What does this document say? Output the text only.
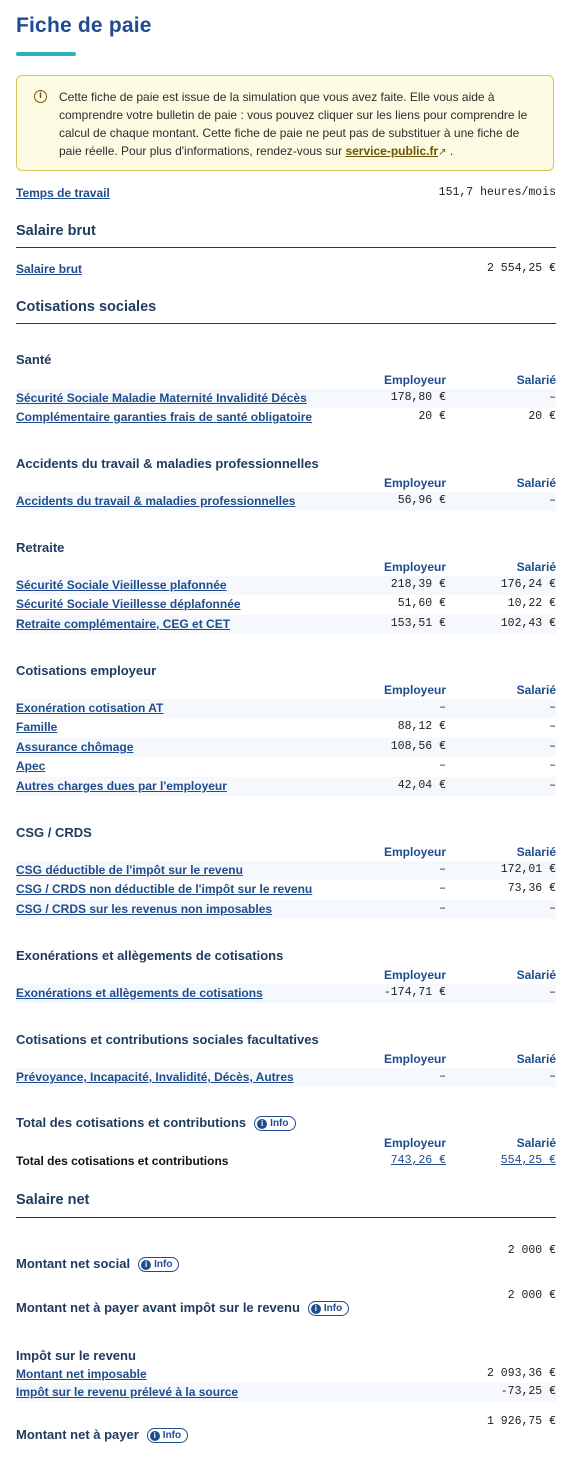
Fiche de paie
i	Cette fiche de paie est issue de la simulation que vous avez faite. Elle vous aide à comprendre votre bulletin de paie : vous pouvez cliquer sur les liens pour comprendre le calcul de chaque montant. Cette fiche de paie ne peut pas de substituer à une fiche de paie réelle. Pour plus d'informations, rendez-vous sur service-public.fr↗ .
Temps de travail	151,7 heures/mois
Salaire brut
Salaire brut	2 554,25 €
Cotisations sociales
Santé
Employeur	Salarié
Sécurité Sociale Maladie Maternité Invalidité Décès	178,80 €	–
Complémentaire garanties frais de santé obligatoire	20 €	20 €
Accidents du travail & maladies professionnelles
Employeur	Salarié
Accidents du travail & maladies professionnelles	56,96 €	–
Retraite
Employeur	Salarié
Sécurité Sociale Vieillesse plafonnée	218,39 €	176,24 €
Sécurité Sociale Vieillesse déplafonnée	51,60 €	10,22 €
Retraite complémentaire, CEG et CET	153,51 €	102,43 €
Cotisations employeur
Employeur	Salarié
Exonération cotisation AT	–	–
Famille	88,12 €	–
Assurance chômage	108,56 €	–
Apec	–	–
Autres charges dues par l'employeur	42,04 €	–
CSG / CRDS
Employeur	Salarié
CSG déductible de l'impôt sur le revenu	–	172,01 €
CSG / CRDS non déductible de l'impôt sur le revenu	–	73,36 €
CSG / CRDS sur les revenus non imposables	–	–
Exonérations et allègements de cotisations
Employeur	Salarié
Exonérations et allègements de cotisations	-174,71 €	–
Cotisations et contributions sociales facultatives
Employeur	Salarié
Prévoyance, Incapacité, Invalidité, Décès, Autres	–	–
Total des cotisations et contributions i Info
Employeur	Salarié
Total des cotisations et contributions	743,26 €	554,25 €
Salaire net
2 000 €
Montant net social i Info
2 000 €
Montant net à payer avant impôt sur le revenu i Info
Impôt sur le revenu
Montant net imposable	2 093,36 €
Impôt sur le revenu prélevé à la source	-73,25 €
1 926,75 €
Montant net à payer i Info
